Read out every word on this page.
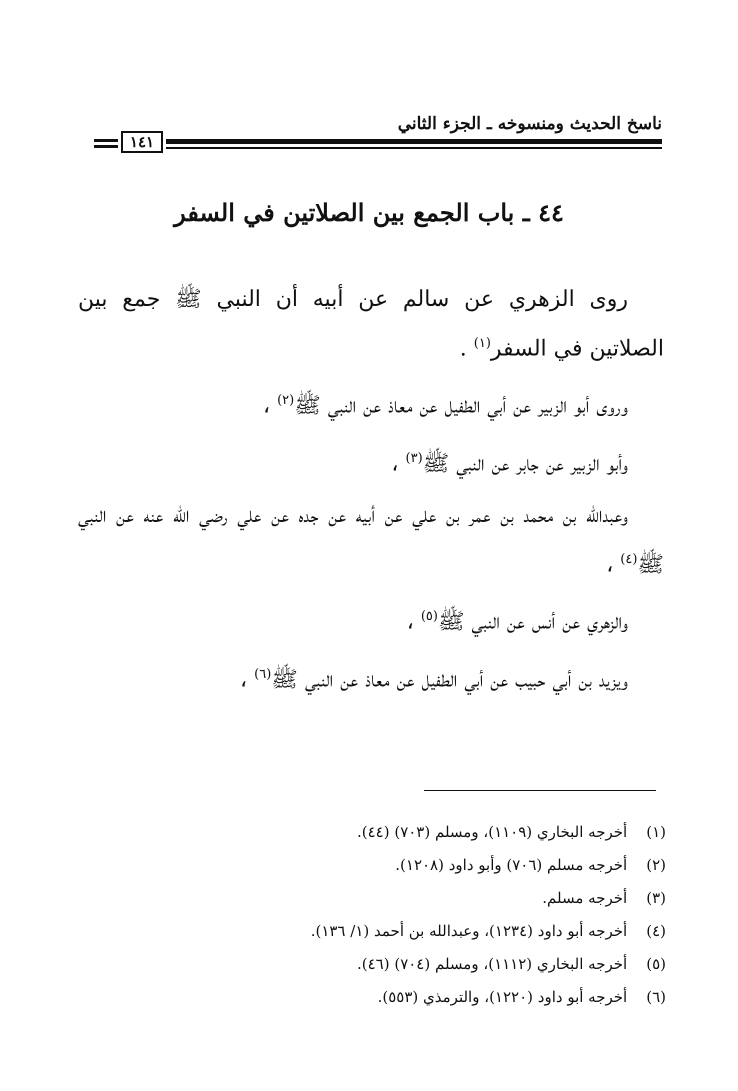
ناسخ الحديث ومنسوخه ـ الجزء الثاني
١٤١
٤٤ ـ باب الجمع بين الصلاتين في السفر

روى الزهري عن سالم عن أبيه أن النبي ﷺ جمع بين الصلاتين في السفر$^{(١)}$ .

وروى أبو الزبير عن أبي الطفيل عن معاذ عن النبي ﷺ$^{(٢)}$ ،

وأبو الزبير عن جابر عن النبي ﷺ$^{(٣)}$ ،

وعبدالله بن محمد بن عمر بن علي عن أبيه عن جده عن علي رضي الله عنه عن النبي ﷺ$^{(٤)}$ ،

والزهري عن أنس عن النبي ﷺ$^{(٥)}$ ،

ويزيد بن أبي حبيب عن أبي الطفيل عن معاذ عن النبي ﷺ$^{(٦)}$ ،

(١) أخرجه البخاري (١١٠٩)، ومسلم (٧٠٣) (٤٤).
(٢) أخرجه مسلم (٧٠٦) وأبو داود (١٢٠٨).
(٣) أخرجه مسلم.
(٤) أخرجه أبو داود (١٢٣٤)، وعبدالله بن أحمد (١/ ١٣٦).
(٥) أخرجه البخاري (١١١٢)، ومسلم (٧٠٤) (٤٦).
(٦) أخرجه أبو داود (١٢٢٠)، والترمذي (٥٥٣).
